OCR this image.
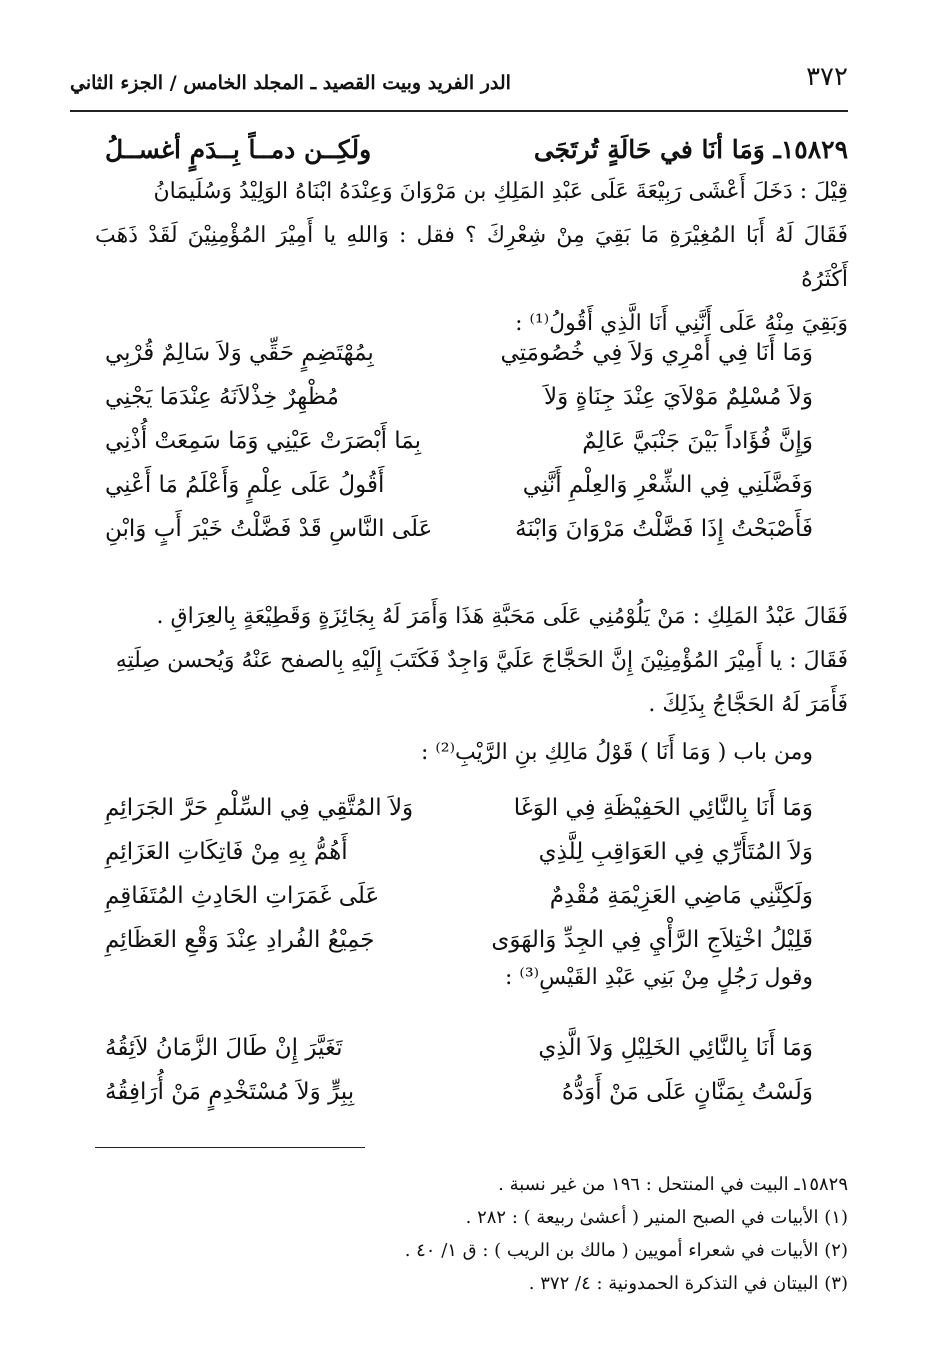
٣٧٢
الدر الفريد وبيت القصيد ـ المجلد الخامس / الجزء الثاني
١٥٨٢٩ـ وَمَا أنَا في حَالَةٍ تُرتَجَى
ولَكِــن دمــاً بِــدَمٍ أغســلُ
قِيْلَ : دَخَلَ أَعْشَى رَبِيْعَةَ عَلَى عَبْدِ المَلِكِ بن مَرْوَانَ وَعِنْدَهُ ابْنَاهُ الوَلِيْدُ وَسُلَيمَانُ
فَقَالَ لَهُ أَبَا المُغِيْرَةِ مَا بَقِيَ مِنْ شِعْرِكَ ؟ فقل : وَاللهِ يا أَمِيْرَ المُؤْمِنِيْنَ لَقَدْ ذَهَبَ أَكْثَرُهُ
وَبَقِيَ مِنْهُ عَلَى أَنَّنِي أَنَا الَّذِي أَقُولُ⁽¹⁾ :
وَمَا أَنَا فِي أَمْرِي وَلاَ فِي خُصُومَتِي
بِمُهْتَضِمٍ حَقِّي وَلاَ سَالِمٌ قُرْبِي
وَلاَ مُسْلِمٌ مَوْلاَيَ عِنْدَ جِنَاةٍ وَلاَ
مُظْهِرٌ خِذْلاَنَهُ عِنْدَمَا يَجْنِي
وَإِنَّ فُؤَاداً بَيْنَ جَنْبَيَّ عَالِمٌ
بِمَا أَبْصَرَتْ عَيْنِي وَمَا سَمِعَتْ أُذْنِي
وَفَضَّلَنِي فِي الشِّعْرِ وَالعِلْمِ أَنَّنِي
أَقُولُ عَلَى عِلْمٍ وَأَعْلَمُ مَا أَعْنِي
فَأَصْبَحْتُ إِذَا فَضَّلْتُ مَرْوَانَ وَابْنَهُ
عَلَى النَّاسِ قَدْ فَضَّلْتُ خَيْرَ أَبٍ وَابْنِ
فَقَالَ عَبْدُ المَلِكِ : مَنْ يَلُوْمُنِي عَلَى مَحَبَّةِ هَذَا وَأَمَرَ لَهُ بِجَائِزَةٍ وَقَطِيْعَةٍ بِالعِرَاقِ .
فَقَالَ : يا أَمِيْرَ المُؤْمِنِيْنَ إِنَّ الحَجَّاجَ عَلَيَّ وَاجِدٌ فَكَتَبَ إِلَيْهِ بِالصفح عَنْهُ وَيُحسن صِلَتِهِ
فَأَمَرَ لَهُ الحَجَّاجُ بِذَلِكَ .
ومن باب ( وَمَا أَنَا ) قَوْلُ مَالِكِ بنِ الرَّيْبِ⁽²⁾ :
وَمَا أَنَا بِالنَّائِي الحَفِيْظَةِ فِي الوَغَا
وَلاَ المُتَّقِي فِي السِّلْمِ حَرَّ الجَرَائِمِ
وَلاَ المُتَأَرِّي فِي العَوَاقِبِ لِلَّذِي
أَهُمُّ بِهِ مِنْ فَاتِكَاتِ العَزَائِمِ
وَلَكِنَّنِي مَاضِي العَزِيْمَةِ مُقْدِمٌ
عَلَى غَمَرَاتِ الحَادِثِ المُتَفَاقِمِ
قَلِيْلُ اخْتِلاَجِ الرَّأْيِ فِي الجِدِّ وَالهَوَى
جَمِيْعُ الفُرادِ عِنْدَ وَقْعِ العَظَائِمِ
وقول رَجُلٍ مِنْ بَنِي عَبْدِ القَيْسِ⁽³⁾ :
وَمَا أَنَا بِالنَّائِي الخَلِيْلِ وَلاَ الَّذِي
تَغَيَّرَ إِنْ طَالَ الزَّمَانُ لاَئِقُهُ
وَلَسْتُ بِمَنَّانٍ عَلَى مَنْ أَوَدُّهُ
بِبِرٍّ وَلاَ مُسْتَخْدِمٍ مَنْ أُرَافِقُهُ
١٥٨٢٩ـ البيت في المنتحل : ١٩٦ من غير نسبة .
(١) الأبيات في الصبح المنير ( أعشىٰ ربيعة ) : ٢٨٢ .
(٢) الأبيات في شعراء أمويين ( مالك بن الريب ) : ق ١/ ٤٠ .
(٣) البيتان في التذكرة الحمدونية : ٤/ ٣٧٢ .
